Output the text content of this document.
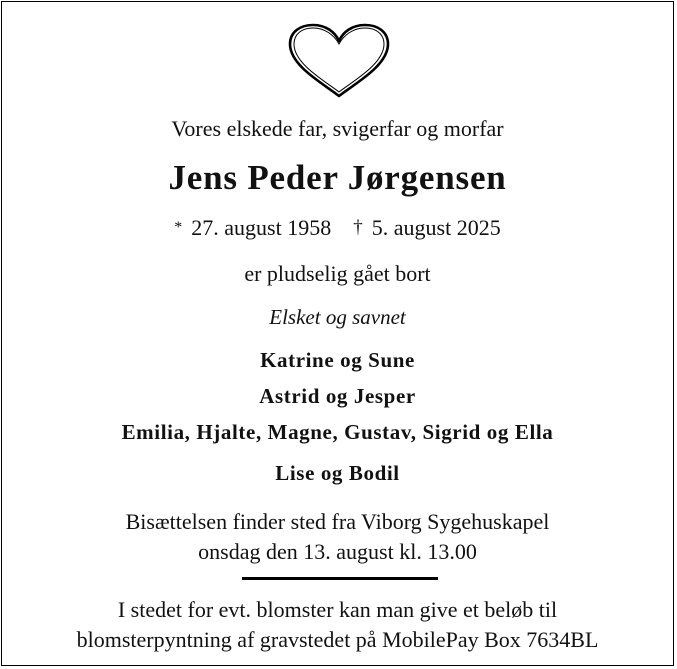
Vores elskede far, svigerfar og morfar
Jens Peder Jørgensen
* 27. august 1958 † 5. august 2025
er pludselig gået bort
Elsket og savnet
Katrine og Sune
Astrid og Jesper
Emilia, Hjalte, Magne, Gustav, Sigrid og Ella
Lise og Bodil
Bisættelsen finder sted fra Viborg Sygehuskapel
onsdag den 13. august kl. 13.00
I stedet for evt. blomster kan man give et beløb til
blomsterpyntning af gravstedet på MobilePay Box 7634BL
